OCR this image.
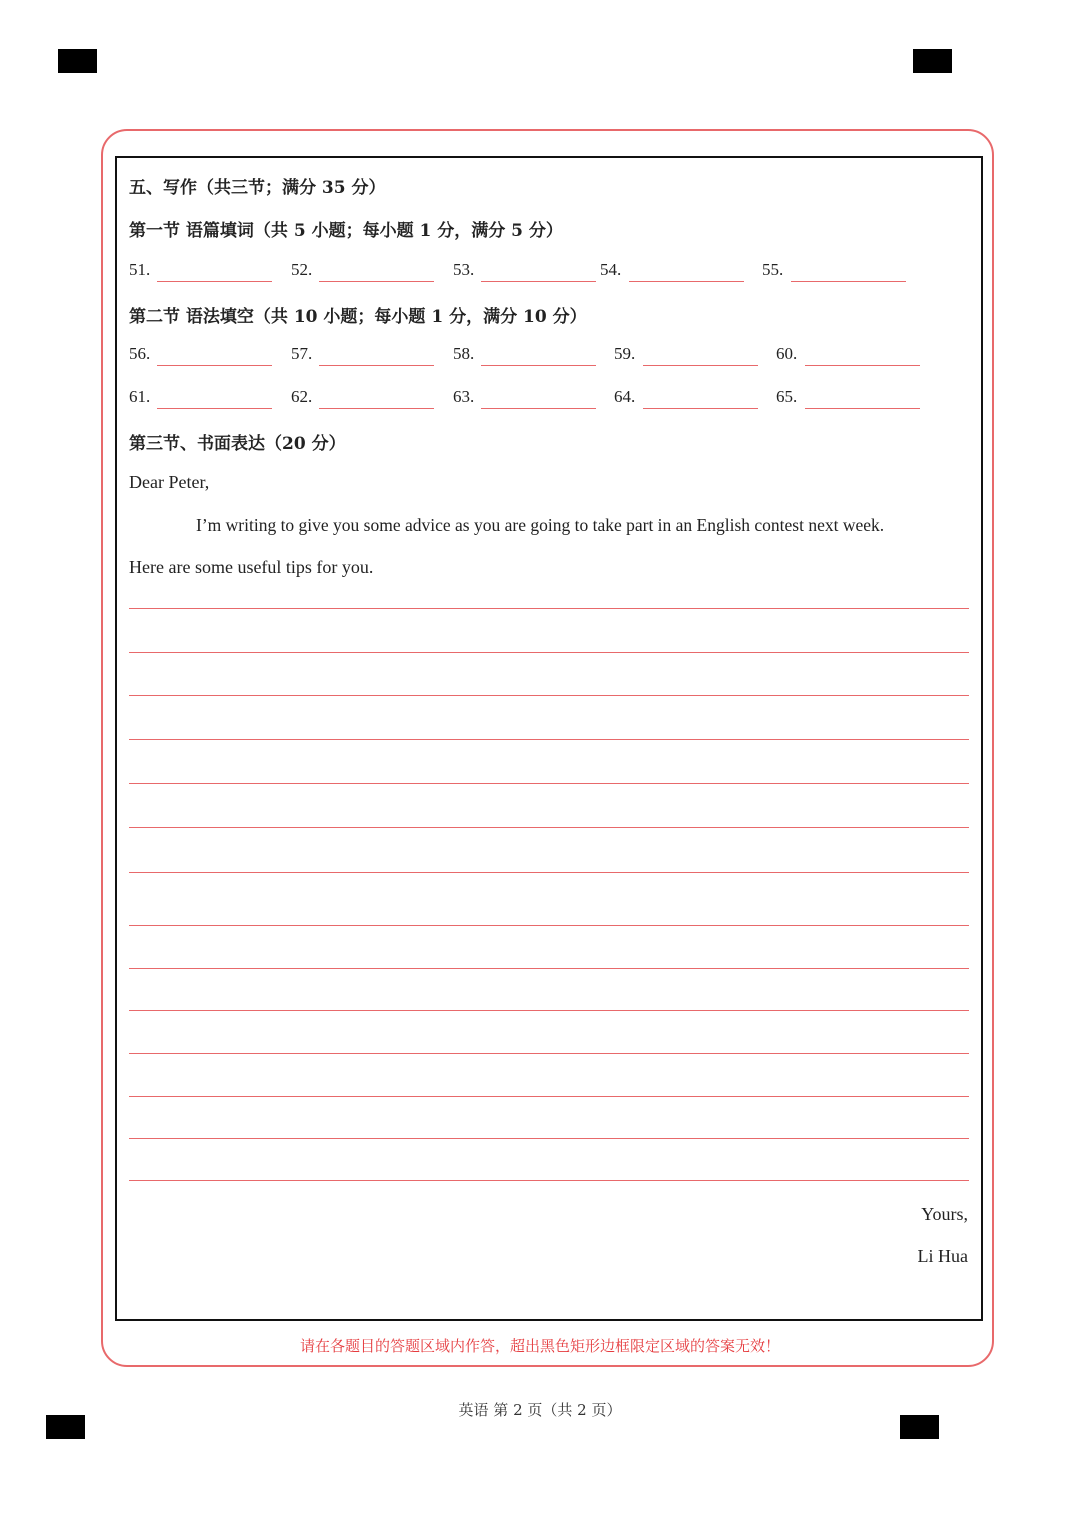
五、写作（共三节；满分 35 分）
第一节 语篇填词（共 5 小题；每小题 1 分，满分 5 分）
51.	52.	53.	54.	55.
第二节 语法填空（共 10 小题；每小题 1 分，满分 10 分）
56.	57.	58.	59.	60.
61.	62.	63.	64.	65.
第三节、书面表达（20 分）
Dear Peter,
I’m writing to give you some advice as you are going to take part in an English contest next week.
Here are some useful tips for you.
Yours,
Li Hua
请在各题目的答题区域内作答，超出黑色矩形边框限定区域的答案无效！
英语 第 2 页（共 2 页）
